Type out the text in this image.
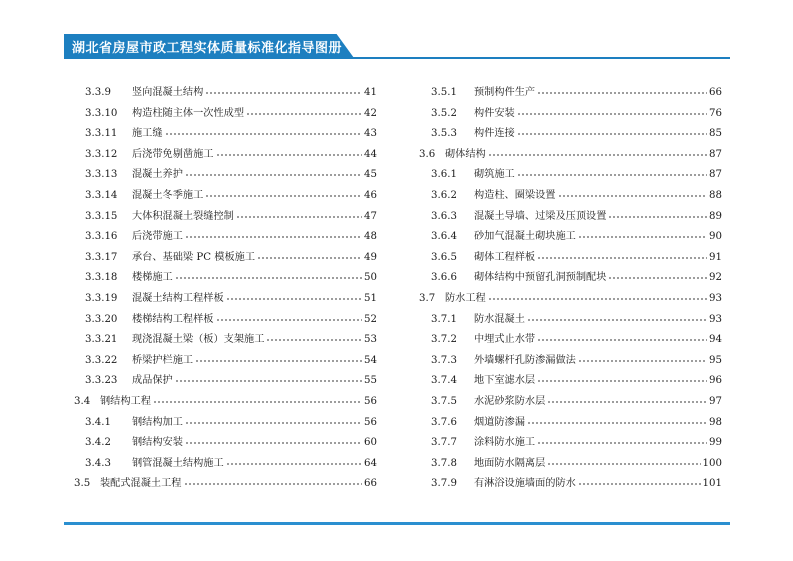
湖北省房屋市政工程实体质量标准化指导图册
3.3.9	竖向混凝土结构	41
3.3.10	构造柱随主体一次性成型	42
3.3.11	施工缝	43
3.3.12	后浇带免剔凿施工	44
3.3.13	混凝土养护	45
3.3.14	混凝土冬季施工	46
3.3.15	大体积混凝土裂缝控制	47
3.3.16	后浇带施工	48
3.3.17	承台、基础梁 PC 模板施工	49
3.3.18	楼梯施工	50
3.3.19	混凝土结构工程样板	51
3.3.20	楼梯结构工程样板	52
3.3.21	现浇混凝土梁（板）支架施工	53
3.3.22	桥梁护栏施工	54
3.3.23	成品保护	55
3.4 钢结构工程	56
3.4.1	钢结构加工	56
3.4.2	钢结构安装	60
3.4.3	钢管混凝土结构施工	64
3.5 装配式混凝土工程	66
3.5.1	预制构件生产	66
3.5.2	构件安装	76
3.5.3	构件连接	85
3.6 砌体结构	87
3.6.1	砌筑施工	87
3.6.2	构造柱、圈梁设置	88
3.6.3	混凝土导墙、过梁及压顶设置	89
3.6.4	砂加气混凝土砌块施工	90
3.6.5	砌体工程样板	91
3.6.6	砌体结构中预留孔洞预制配块	92
3.7 防水工程	93
3.7.1	防水混凝土	93
3.7.2	中埋式止水带	94
3.7.3	外墙螺杆孔防渗漏做法	95
3.7.4	地下室滤水层	96
3.7.5	水泥砂浆防水层	97
3.7.6	烟道防渗漏	98
3.7.7	涂料防水施工	99
3.7.8	地面防水隔离层	100
3.7.9	有淋浴设施墙面的防水	101
